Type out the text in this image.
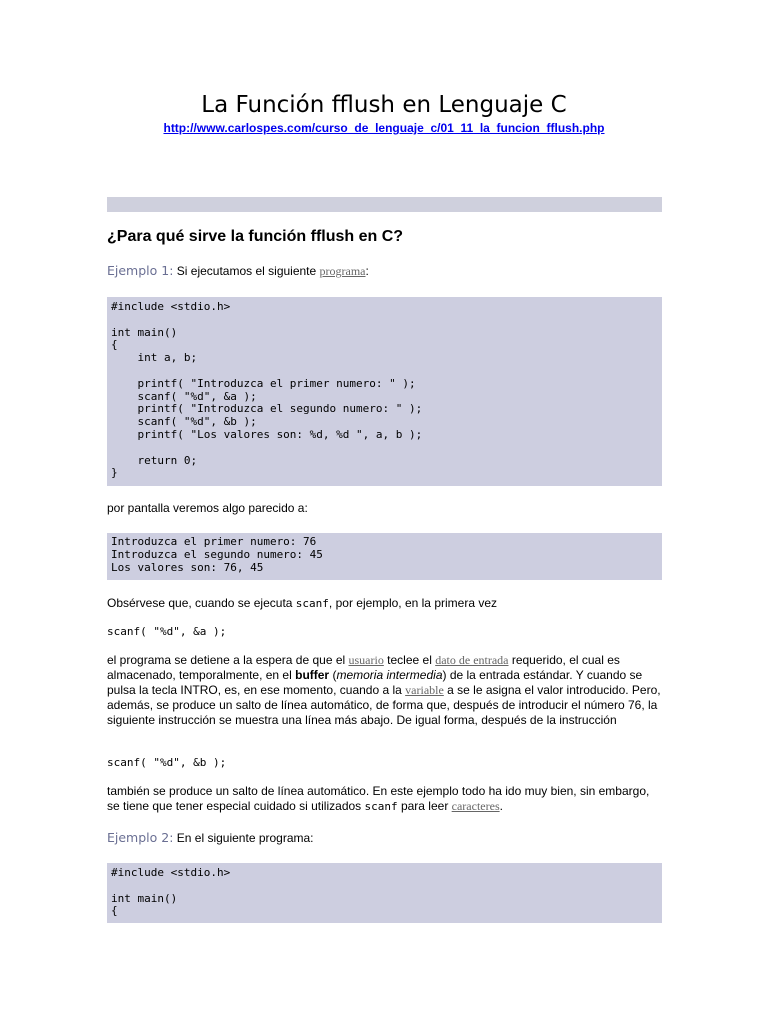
La Función fflush en Lenguaje C
http://www.carlospes.com/curso_de_lenguaje_c/01_11_la_funcion_fflush.php
¿Para qué sirve la función fflush en C?
Ejemplo 1: Si ejecutamos el siguiente programa:
#include <stdio.h>

int main()
{
int a, b;

printf( "Introduzca el primer numero: " );
scanf( "%d", &a );
printf( "Introduzca el segundo numero: " );
scanf( "%d", &b );
printf( "Los valores son: %d, %d ", a, b );

return 0;
}
por pantalla veremos algo parecido a:
Introduzca el primer numero: 76
Introduzca el segundo numero: 45
Los valores son: 76, 45
Obsérvese que, cuando se ejecuta scanf, por ejemplo, en la primera vez
scanf( "%d", &a );
el programa se detiene a la espera de que el usuario teclee el dato de entrada requerido, el cual es almacenado, temporalmente, en el buffer (memoria intermedia) de la entrada estándar. Y cuando se pulsa la tecla INTRO, es, en ese momento, cuando a la variable a se le asigna el valor introducido. Pero, además, se produce un salto de línea automático, de forma que, después de introducir el número 76, la siguiente instrucción se muestra una línea más abajo. De igual forma, después de la instrucción
scanf( "%d", &b );
también se produce un salto de línea automático. En este ejemplo todo ha ido muy bien, sin embargo, se tiene que tener especial cuidado si utilizados scanf para leer caracteres.
Ejemplo 2: En el siguiente programa:
#include <stdio.h>

int main()
{
